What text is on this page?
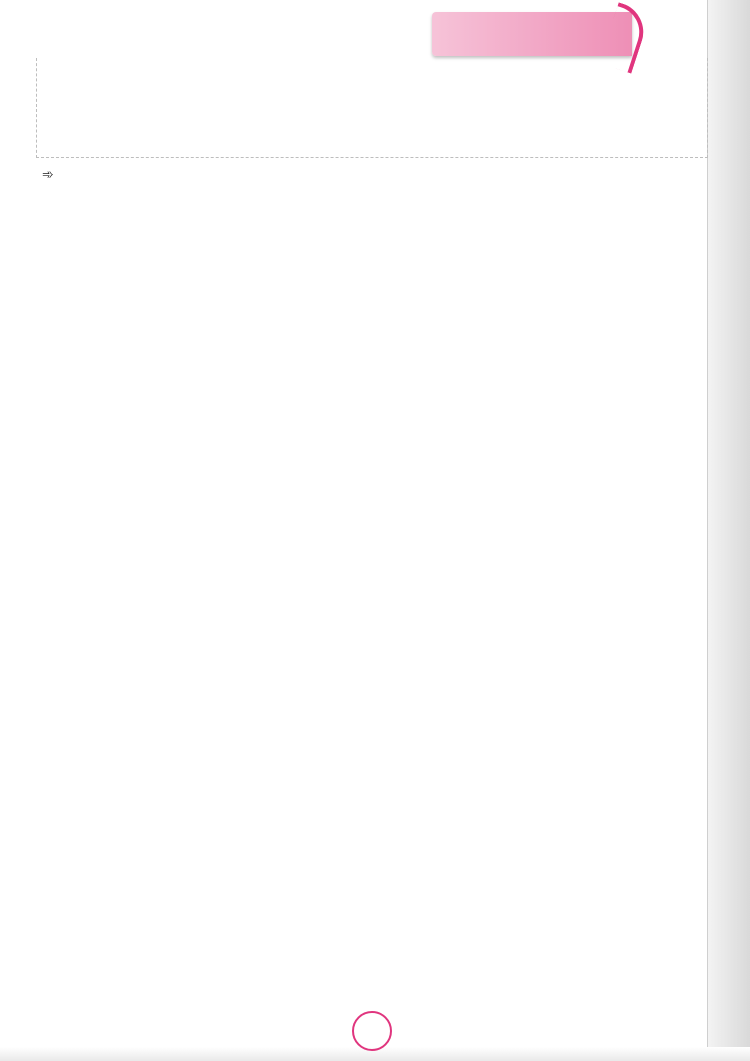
➾
